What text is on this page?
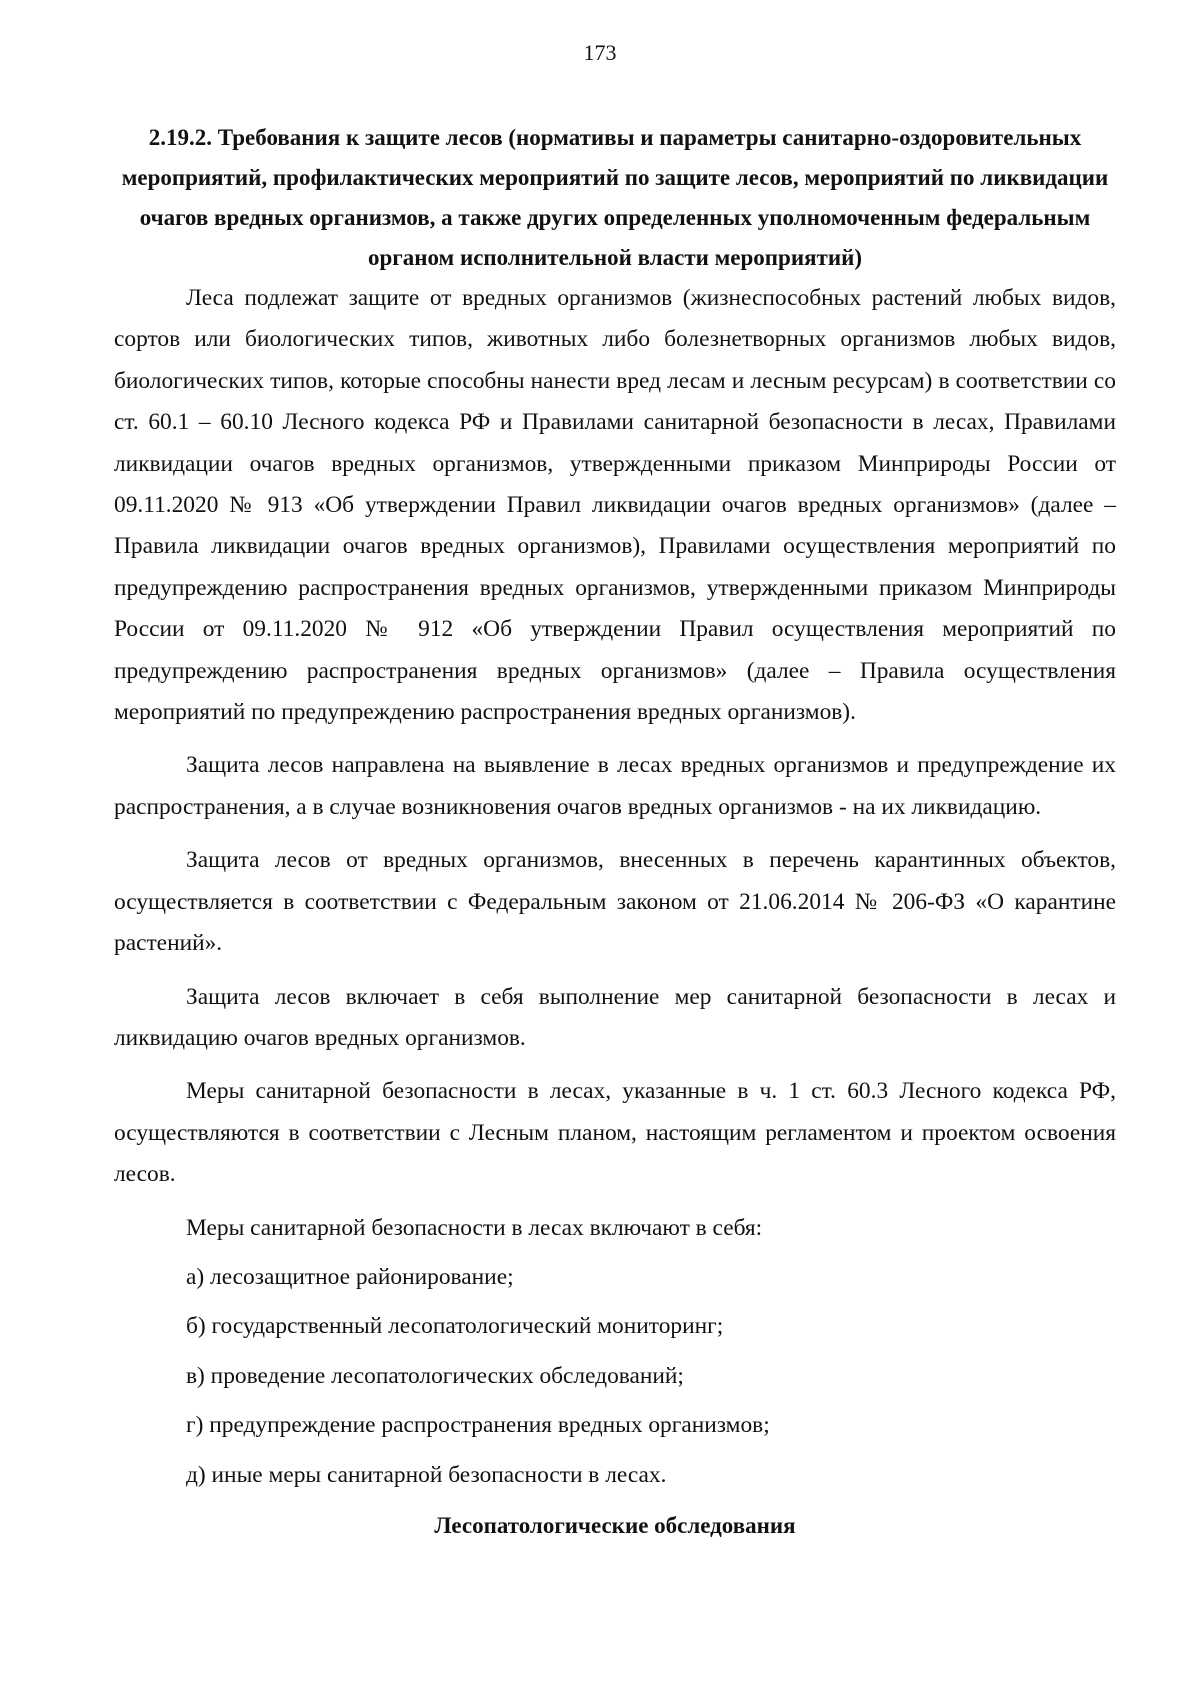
173

2.19.2. Требования к защите лесов (нормативы и параметры санитарно-оздоровительных мероприятий, профилактических мероприятий по защите лесов, мероприятий по ликвидации очагов вредных организмов, а также других определенных уполномоченным федеральным органом исполнительной власти мероприятий)

Леса подлежат защите от вредных организмов (жизнеспособных растений любых видов, сортов или биологических типов, животных либо болезнетворных организмов любых видов, биологических типов, которые способны нанести вред лесам и лесным ресурсам) в соответствии со ст. 60.1 – 60.10 Лесного кодекса РФ и Правилами санитарной безопасности в лесах, Правилами ликвидации очагов вредных организмов, утвержденными приказом Минприроды России от 09.11.2020 № 913 «Об утверждении Правил ликвидации очагов вредных организмов» (далее – Правила ликвидации очагов вредных организмов), Правилами осуществления мероприятий по предупреждению распространения вредных организмов, утвержденными приказом Минприроды России от 09.11.2020 № 912 «Об утверждении Правил осуществления мероприятий по предупреждению распространения вредных организмов» (далее – Правила осуществления мероприятий по предупреждению распространения вредных организмов).

Защита лесов направлена на выявление в лесах вредных организмов и предупреждение их распространения, а в случае возникновения очагов вредных организмов - на их ликвидацию.

Защита лесов от вредных организмов, внесенных в перечень карантинных объектов, осуществляется в соответствии с Федеральным законом от 21.06.2014 № 206-ФЗ «О карантине растений».

Защита лесов включает в себя выполнение мер санитарной безопасности в лесах и ликвидацию очагов вредных организмов.

Меры санитарной безопасности в лесах, указанные в ч. 1 ст. 60.3 Лесного кодекса РФ, осуществляются в соответствии с Лесным планом, настоящим регламентом и проектом освоения лесов.

Меры санитарной безопасности в лесах включают в себя:

а) лесозащитное районирование;

б) государственный лесопатологический мониторинг;

в) проведение лесопатологических обследований;

г) предупреждение распространения вредных организмов;

д) иные меры санитарной безопасности в лесах.

Лесопатологические обследования
